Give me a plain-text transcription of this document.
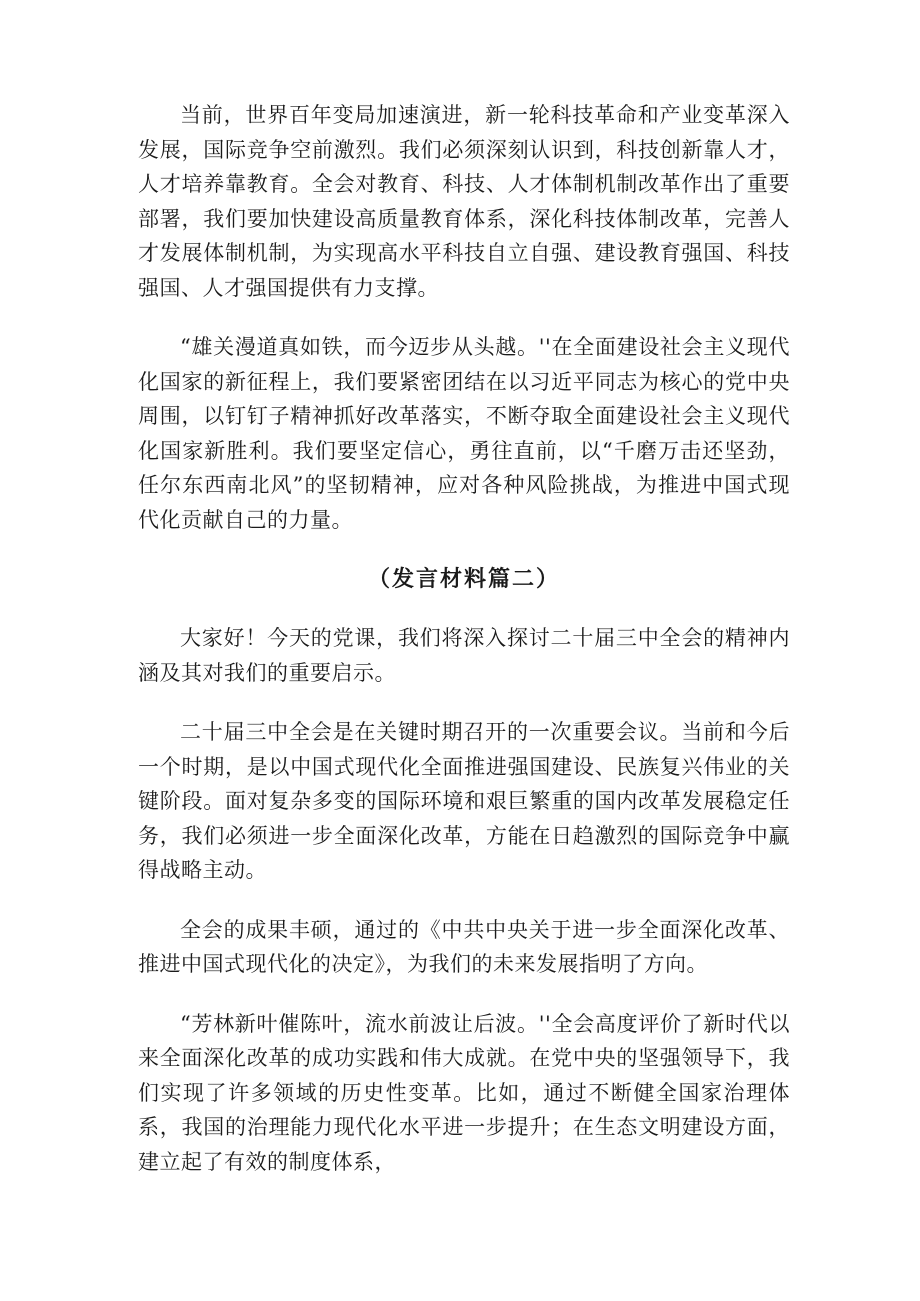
当前，世界百年变局加速演进，新一轮科技革命和产业变革深入发展，国际竞争空前激烈。我们必须深刻认识到，科技创新靠人才，人才培养靠教育。全会对教育、科技、人才体制机制改革作出了重要部署，我们要加快建设高质量教育体系，深化科技体制改革，完善人才发展体制机制，为实现高水平科技自立自强、建设教育强国、科技强国、人才强国提供有力支撑。

“雄关漫道真如铁，而今迈步从头越。''在全面建设社会主义现代化国家的新征程上，我们要紧密团结在以习近平同志为核心的党中央周围，以钉钉子精神抓好改革落实，不断夺取全面建设社会主义现代化国家新胜利。我们要坚定信心，勇往直前，以“千磨万击还坚劲，任尔东西南北风”的坚韧精神，应对各种风险挑战，为推进中国式现代化贡献自己的力量。

（发言材料篇二）

大家好！今天的党课，我们将深入探讨二十届三中全会的精神内涵及其对我们的重要启示。

二十届三中全会是在关键时期召开的一次重要会议。当前和今后一个时期，是以中国式现代化全面推进强国建设、民族复兴伟业的关键阶段。面对复杂多变的国际环境和艰巨繁重的国内改革发展稳定任务，我们必须进一步全面深化改革，方能在日趋激烈的国际竞争中赢得战略主动。

全会的成果丰硕，通过的《中共中央关于进一步全面深化改革、推进中国式现代化的决定》，为我们的未来发展指明了方向。

“芳林新叶催陈叶，流水前波让后波。''全会高度评价了新时代以来全面深化改革的成功实践和伟大成就。在党中央的坚强领导下，我们实现了许多领域的历史性变革。比如，通过不断健全国家治理体系，我国的治理能力现代化水平进一步提升；在生态文明建设方面，建立起了有效的制度体系，
